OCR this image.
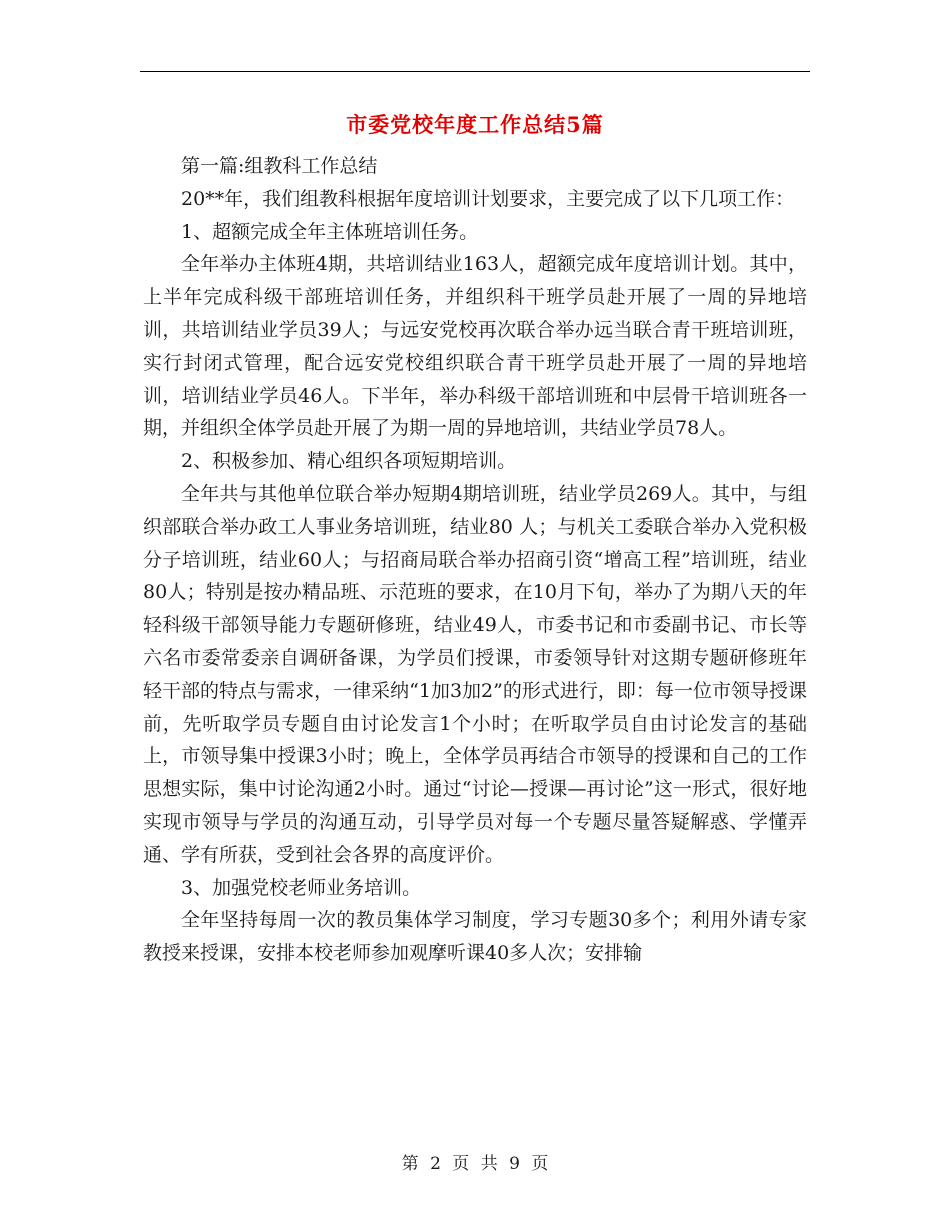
市委党校年度工作总结5篇

第一篇:组教科工作总结

20**年，我们组教科根据年度培训计划要求，主要完成了以下几项工作：

1、超额完成全年主体班培训任务。

全年举办主体班4期，共培训结业163人，超额完成年度培训计划。其中，上半年完成科级干部班培训任务，并组织科干班学员赴开展了一周的异地培训，共培训结业学员39人；与远安党校再次联合举办远当联合青干班培训班，实行封闭式管理，配合远安党校组织联合青干班学员赴开展了一周的异地培训，培训结业学员46人。下半年，举办科级干部培训班和中层骨干培训班各一期，并组织全体学员赴开展了为期一周的异地培训，共结业学员78人。

2、积极参加、精心组织各项短期培训。

全年共与其他单位联合举办短期4期培训班，结业学员269人。其中，与组织部联合举办政工人事业务培训班，结业80 人；与机关工委联合举办入党积极分子培训班，结业60人；与招商局联合举办招商引资“增高工程”培训班，结业 80人；特别是按办精品班、示范班的要求，在10月下旬，举办了为期八天的年轻科级干部领导能力专题研修班，结业49人，市委书记和市委副书记、市长等六名市委常委亲自调研备课，为学员们授课，市委领导针对这期专题研修班年轻干部的特点与需求，一律采纳“1加3加2”的形式进行，即：每一位市领导授课前，先听取学员专题自由讨论发言1个小时；在听取学员自由讨论发言的基础上，市领导集中授课3小时；晚上，全体学员再结合市领导的授课和自己的工作思想实际，集中讨论沟通2小时。通过“讨论—授课—再讨论”这一形式，很好地实现市领导与学员的沟通互动，引导学员对每一个专题尽量答疑解惑、学懂弄通、学有所获，受到社会各界的高度评价。

3、加强党校老师业务培训。

全年坚持每周一次的教员集体学习制度，学习专题30多个；利用外请专家教授来授课，安排本校老师参加观摩听课40多人次；安排输

第 2 页 共 9 页
